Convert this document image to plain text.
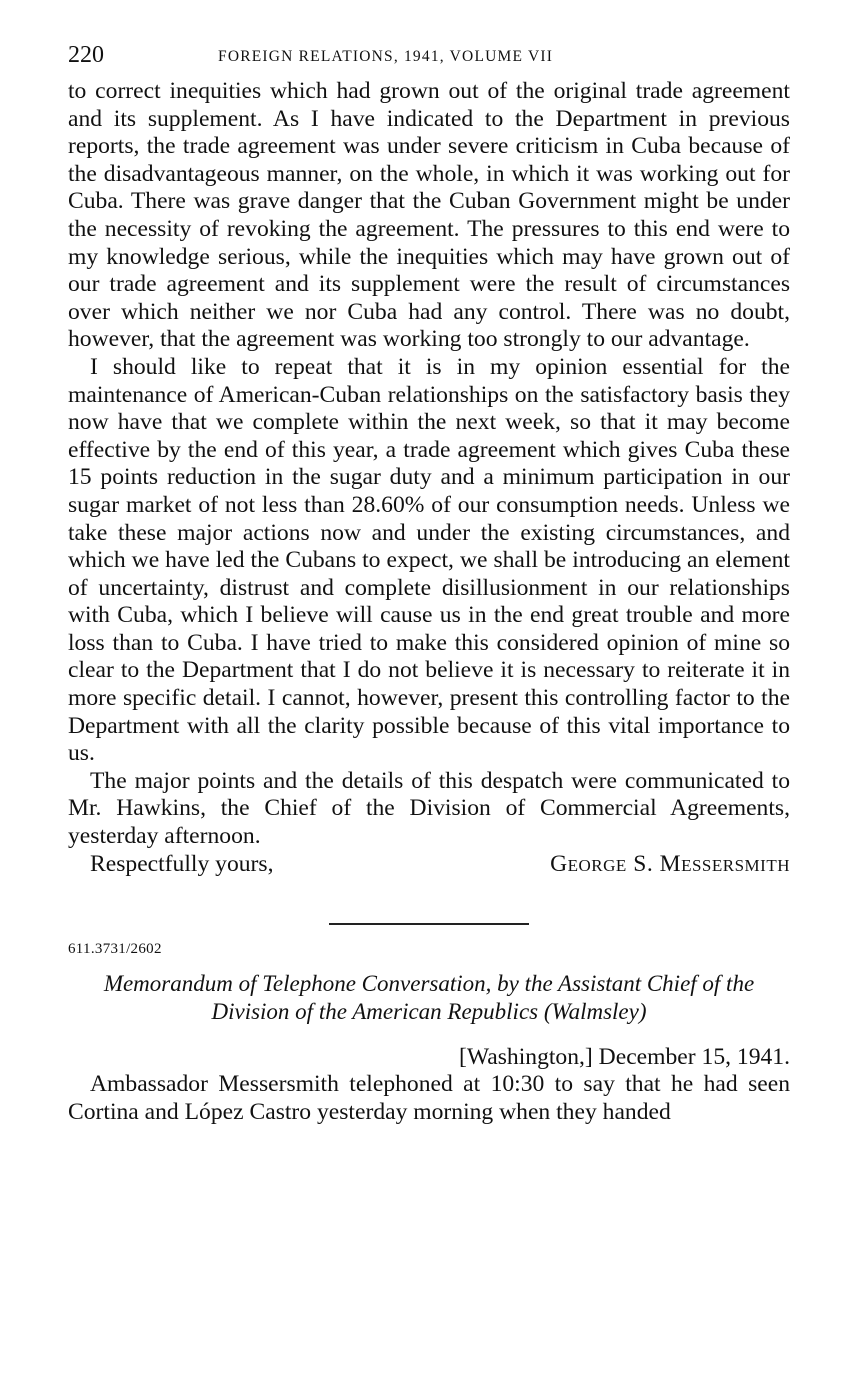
220	FOREIGN RELATIONS, 1941, VOLUME VII

to correct inequities which had grown out of the original trade agreement and its supplement. As I have indicated to the Department in previous reports, the trade agreement was under severe criticism in Cuba because of the disadvantageous manner, on the whole, in which it was working out for Cuba. There was grave danger that the Cuban Government might be under the necessity of revoking the agreement. The pressures to this end were to my knowledge serious, while the inequities which may have grown out of our trade agreement and its supplement were the result of circumstances over which neither we nor Cuba had any control. There was no doubt, however, that the agreement was working too strongly to our advantage.

I should like to repeat that it is in my opinion essential for the maintenance of American-Cuban relationships on the satisfactory basis they now have that we complete within the next week, so that it may become effective by the end of this year, a trade agreement which gives Cuba these 15 points reduction in the sugar duty and a minimum participation in our sugar market of not less than 28.60% of our consumption needs. Unless we take these major actions now and under the existing circumstances, and which we have led the Cubans to expect, we shall be introducing an element of uncertainty, distrust and complete disillusionment in our relationships with Cuba, which I believe will cause us in the end great trouble and more loss than to Cuba. I have tried to make this considered opinion of mine so clear to the Department that I do not believe it is necessary to reiterate it in more specific detail. I cannot, however, present this controlling factor to the Department with all the clarity possible because of this vital importance to us.

The major points and the details of this despatch were communicated to Mr. Hawkins, the Chief of the Division of Commercial Agreements, yesterday afternoon.

Respectfully yours,	George S. Messersmith
611.3731/2602
Memorandum of Telephone Conversation, by the Assistant Chief of the Division of the American Republics (Walmsley)
[Washington,] December 15, 1941.

Ambassador Messersmith telephoned at 10:30 to say that he had seen Cortina and López Castro yesterday morning when they handed
